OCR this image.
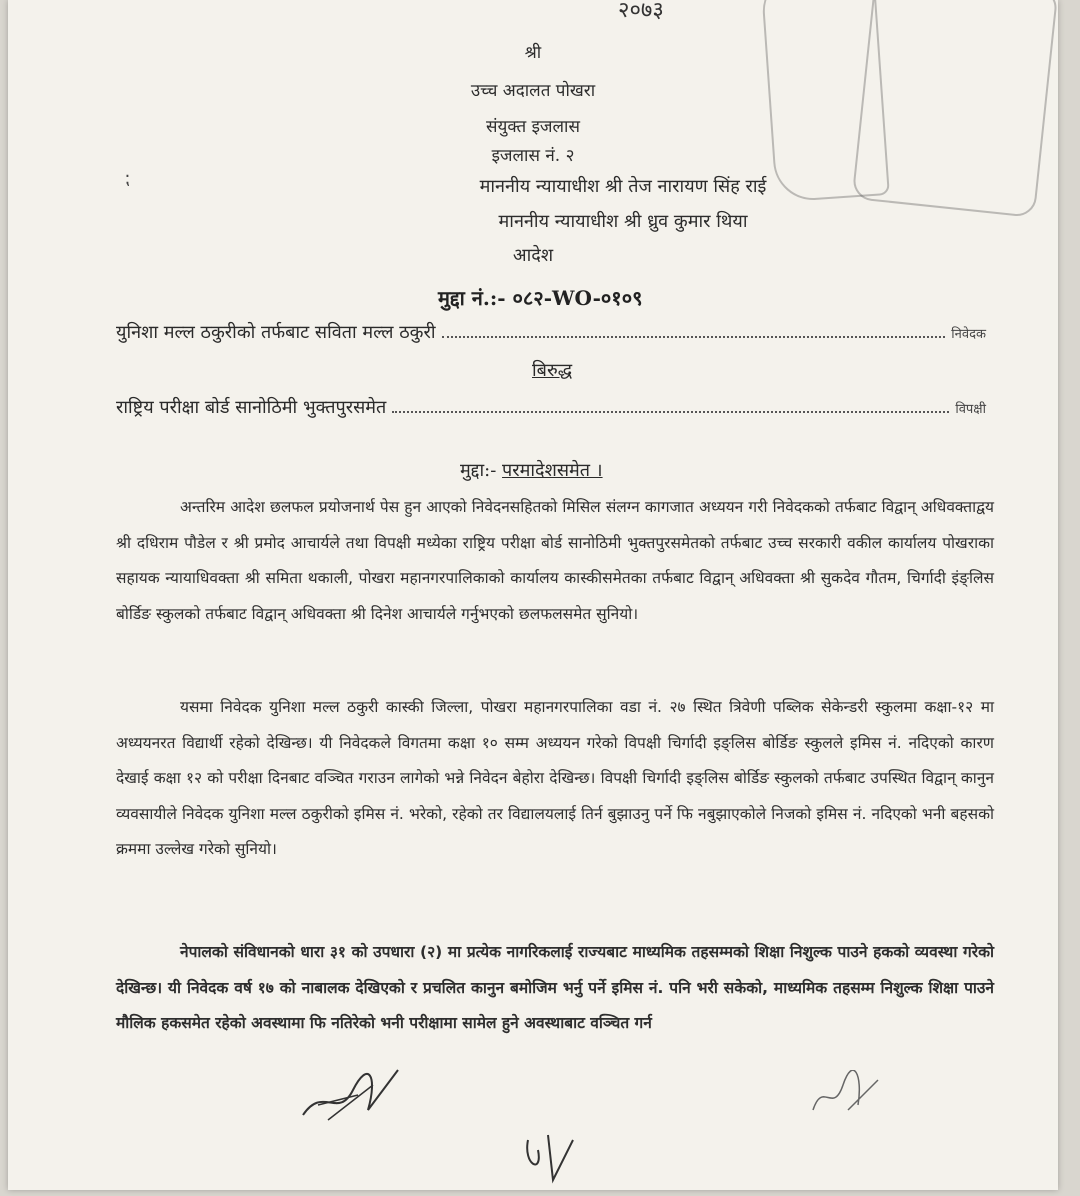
२०७३
⁏
श्री
उच्च अदालत पोखरा
संयुक्त इजलास
इजलास नं. २
माननीय न्यायाधीश श्री तेज नारायण सिंह राई
माननीय न्यायाधीश श्री ध्रुव कुमार थिया
आदेश
मुद्दा नं.:- ०८२-WO-०१०९
युनिशा मल्ल ठकुरीको तर्फबाट सविता मल्ल ठकुरी	निवेदक
बिरुद्ध
राष्ट्रिय परीक्षा बोर्ड सानोठिमी भुक्तपुरसमेत	विपक्षी
मुद्दा:- परमादेशसमेत ।
अन्तरिम आदेश छलफल प्रयोजनार्थ पेस हुन आएको निवेदनसहितको मिसिल संलग्न कागजात अध्ययन गरी निवेदकको तर्फबाट विद्वान् अधिवक्ताद्वय श्री दधिराम पौडेल र श्री प्रमोद आचार्यले तथा विपक्षी मध्येका राष्ट्रिय परीक्षा बोर्ड सानोठिमी भुक्तपुरसमेतको तर्फबाट उच्च सरकारी वकील कार्यालय पोखराका सहायक न्यायाधिवक्ता श्री समिता थकाली, पोखरा महानगरपालिकाको कार्यालय कास्कीसमेतका तर्फबाट विद्वान् अधिवक्ता श्री सुकदेव गौतम, चिर्गादी इंङ्लिस बोर्डिङ स्कुलको तर्फबाट विद्वान् अधिवक्ता श्री दिनेश आचार्यले गर्नुभएको छलफलसमेत सुनियो।
यसमा निवेदक युनिशा मल्ल ठकुरी कास्की जिल्ला, पोखरा महानगरपालिका वडा नं. २७ स्थित त्रिवेणी पब्लिक सेकेन्डरी स्कुलमा कक्षा-१२ मा अध्ययनरत विद्यार्थी रहेको देखिन्छ। यी निवेदकले विगतमा कक्षा १० सम्म अध्ययन गरेको विपक्षी चिर्गादी इङ्लिस बोर्डिङ स्कुलले इमिस नं. नदिएको कारण देखाई कक्षा १२ को परीक्षा दिनबाट वञ्चित गराउन लागेको भन्ने निवेदन बेहोरा देखिन्छ। विपक्षी चिर्गादी इङ्लिस बोर्डिङ स्कुलको तर्फबाट उपस्थित विद्वान् कानुन व्यवसायीले निवेदक युनिशा मल्ल ठकुरीको इमिस नं. भरेको, रहेको तर विद्यालयलाई तिर्न बुझाउनु पर्ने फि नबुझाएकोले निजको इमिस नं. नदिएको भनी बहसको क्रममा उल्लेख गरेको सुनियो।
नेपालको संविधानको धारा ३१ को उपधारा (२) मा प्रत्येक नागरिकलाई राज्यबाट माध्यमिक तहसम्मको शिक्षा निशुल्क पाउने हकको व्यवस्था गरेको देखिन्छ। यी निवेदक वर्ष १७ को नाबालक देखिएको र प्रचलित कानुन बमोजिम भर्नु पर्ने इमिस नं. पनि भरी सकेको, माध्यमिक तहसम्म निशुल्क शिक्षा पाउने मौलिक हकसमेत रहेको अवस्थामा फि नतिरेको भनी परीक्षामा सामेल हुने अवस्थाबाट वञ्चित गर्न
